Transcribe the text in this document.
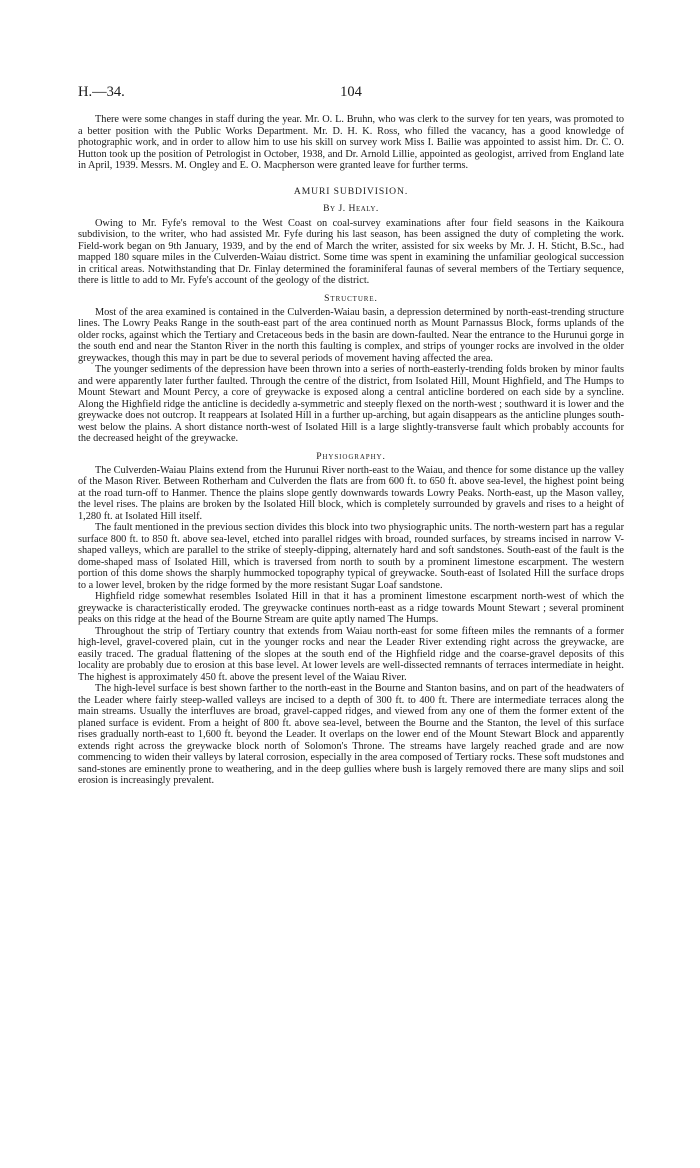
H.—34.	104

There were some changes in staff during the year. Mr. O. L. Bruhn, who was clerk to the survey for ten years, was promoted to a better position with the Public Works Department. Mr. D. H. K. Ross, who filled the vacancy, has a good knowledge of photographic work, and in order to allow him to use his skill on survey work Miss I. Bailie was appointed to assist him. Dr. C. O. Hutton took up the position of Petrologist in October, 1938, and Dr. Arnold Lillie, appointed as geologist, arrived from England late in April, 1939. Messrs. M. Ongley and E. O. Macpherson were granted leave for further terms.

AMURI SUBDIVISION.
By J. Healy.

Owing to Mr. Fyfe's removal to the West Coast on coal-survey examinations after four field seasons in the Kaikoura subdivision, to the writer, who had assisted Mr. Fyfe during his last season, has been assigned the duty of completing the work. Field-work began on 9th January, 1939, and by the end of March the writer, assisted for six weeks by Mr. J. H. Sticht, B.Sc., had mapped 180 square miles in the Culverden-Waiau district. Some time was spent in examining the unfamiliar geological succession in critical areas. Notwithstanding that Dr. Finlay determined the foraminiferal faunas of several members of the Tertiary sequence, there is little to add to Mr. Fyfe's account of the geology of the district.

Structure.

Most of the area examined is contained in the Culverden-Waiau basin, a depression determined by north-east-trending structure lines. The Lowry Peaks Range in the south-east part of the area continued north as Mount Parnassus Block, forms uplands of the older rocks, against which the Tertiary and Cretaceous beds in the basin are down-faulted. Near the entrance to the Hurunui gorge in the south end and near the Stanton River in the north this faulting is complex, and strips of younger rocks are involved in the older greywackes, though this may in part be due to several periods of movement having affected the area.

The younger sediments of the depression have been thrown into a series of north-easterly-trending folds broken by minor faults and were apparently later further faulted. Through the centre of the district, from Isolated Hill, Mount Highfield, and The Humps to Mount Stewart and Mount Percy, a core of greywacke is exposed along a central anticline bordered on each side by a syncline. Along the Highfield ridge the anticline is decidedly a-symmetric and steeply flexed on the north-west ; southward it is lower and the greywacke does not outcrop. It reappears at Isolated Hill in a further up-arching, but again disappears as the anticline plunges south-west below the plains. A short distance north-west of Isolated Hill is a large slightly-transverse fault which probably accounts for the decreased height of the greywacke.

Physiography.

The Culverden-Waiau Plains extend from the Hurunui River north-east to the Waiau, and thence for some distance up the valley of the Mason River. Between Rotherham and Culverden the flats are from 600 ft. to 650 ft. above sea-level, the highest point being at the road turn-off to Hanmer. Thence the plains slope gently downwards towards Lowry Peaks. North-east, up the Mason valley, the level rises. The plains are broken by the Isolated Hill block, which is completely surrounded by gravels and rises to a height of 1,280 ft. at Isolated Hill itself.

The fault mentioned in the previous section divides this block into two physiographic units. The north-western part has a regular surface 800 ft. to 850 ft. above sea-level, etched into parallel ridges with broad, rounded surfaces, by streams incised in narrow V-shaped valleys, which are parallel to the strike of steeply-dipping, alternately hard and soft sandstones. South-east of the fault is the dome-shaped mass of Isolated Hill, which is traversed from north to south by a prominent limestone escarpment. The western portion of this dome shows the sharply hummocked topography typical of greywacke. South-east of Isolated Hill the surface drops to a lower level, broken by the ridge formed by the more resistant Sugar Loaf sandstone.

Highfield ridge somewhat resembles Isolated Hill in that it has a prominent limestone escarpment north-west of which the greywacke is characteristically eroded. The greywacke continues north-east as a ridge towards Mount Stewart ; several prominent peaks on this ridge at the head of the Bourne Stream are quite aptly named The Humps.

Throughout the strip of Tertiary country that extends from Waiau north-east for some fifteen miles the remnants of a former high-level, gravel-covered plain, cut in the younger rocks and near the Leader River extending right across the greywacke, are easily traced. The gradual flattening of the slopes at the south end of the Highfield ridge and the coarse-gravel deposits of this locality are probably due to erosion at this base level. At lower levels are well-dissected remnants of terraces intermediate in height. The highest is approximately 450 ft. above the present level of the Waiau River.

The high-level surface is best shown farther to the north-east in the Bourne and Stanton basins, and on part of the headwaters of the Leader where fairly steep-walled valleys are incised to a depth of 300 ft. to 400 ft. There are intermediate terraces along the main streams. Usually the interfluves are broad, gravel-capped ridges, and viewed from any one of them the former extent of the planed surface is evident. From a height of 800 ft. above sea-level, between the Bourne and the Stanton, the level of this surface rises gradually north-east to 1,600 ft. beyond the Leader. It overlaps on the lower end of the Mount Stewart Block and apparently extends right across the greywacke block north of Solomon's Throne. The streams have largely reached grade and are now commencing to widen their valleys by lateral corrosion, especially in the area composed of Tertiary rocks. These soft mudstones and sand-stones are eminently prone to weathering, and in the deep gullies where bush is largely removed there are many slips and soil erosion is increasingly prevalent.
